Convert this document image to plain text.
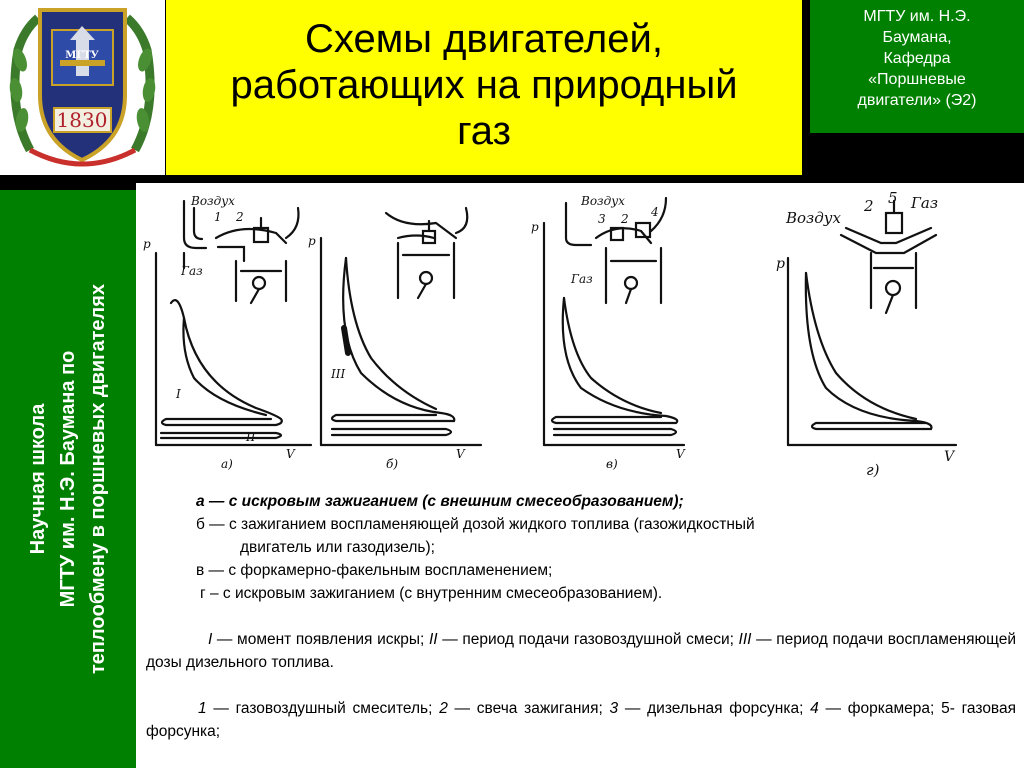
МГТУ
1830
Схемы двигателей,
работающих на природный
газ
МГТУ им. Н.Э.
Баумана,
Кафедра
«Поршневые
двигатели» (Э2)
Научная школа
МГТУ им. Н.Э. Баумана по
теплообмену в поршневых двигателях
Воздух
Газ
p
V
а)
1 2
I
II
p
V
б)
III
Воздух
Газ
p
V
в)
3 2 4	Воздух
Газ
p
V
г)
2 5

а — с искровым зажиганием (с внешним смесеобразованием);

б — с зажиганием воспламеняющей дозой жидкого топлива (газожидкостный

двигатель или газодизель);

в — с форкамерно-факельным воспламенением;

г – с искровым зажиганием (с внутренним смесеобразованием).

I — момент появления искры; II — период подачи газовоздушной смеси; III — период подачи воспламеняющей дозы дизельного топлива.

1 — газовоздушный смеситель; 2 — свеча зажигания; 3 — дизельная форсунка; 4 — форкамера; 5- газовая форсунка;
